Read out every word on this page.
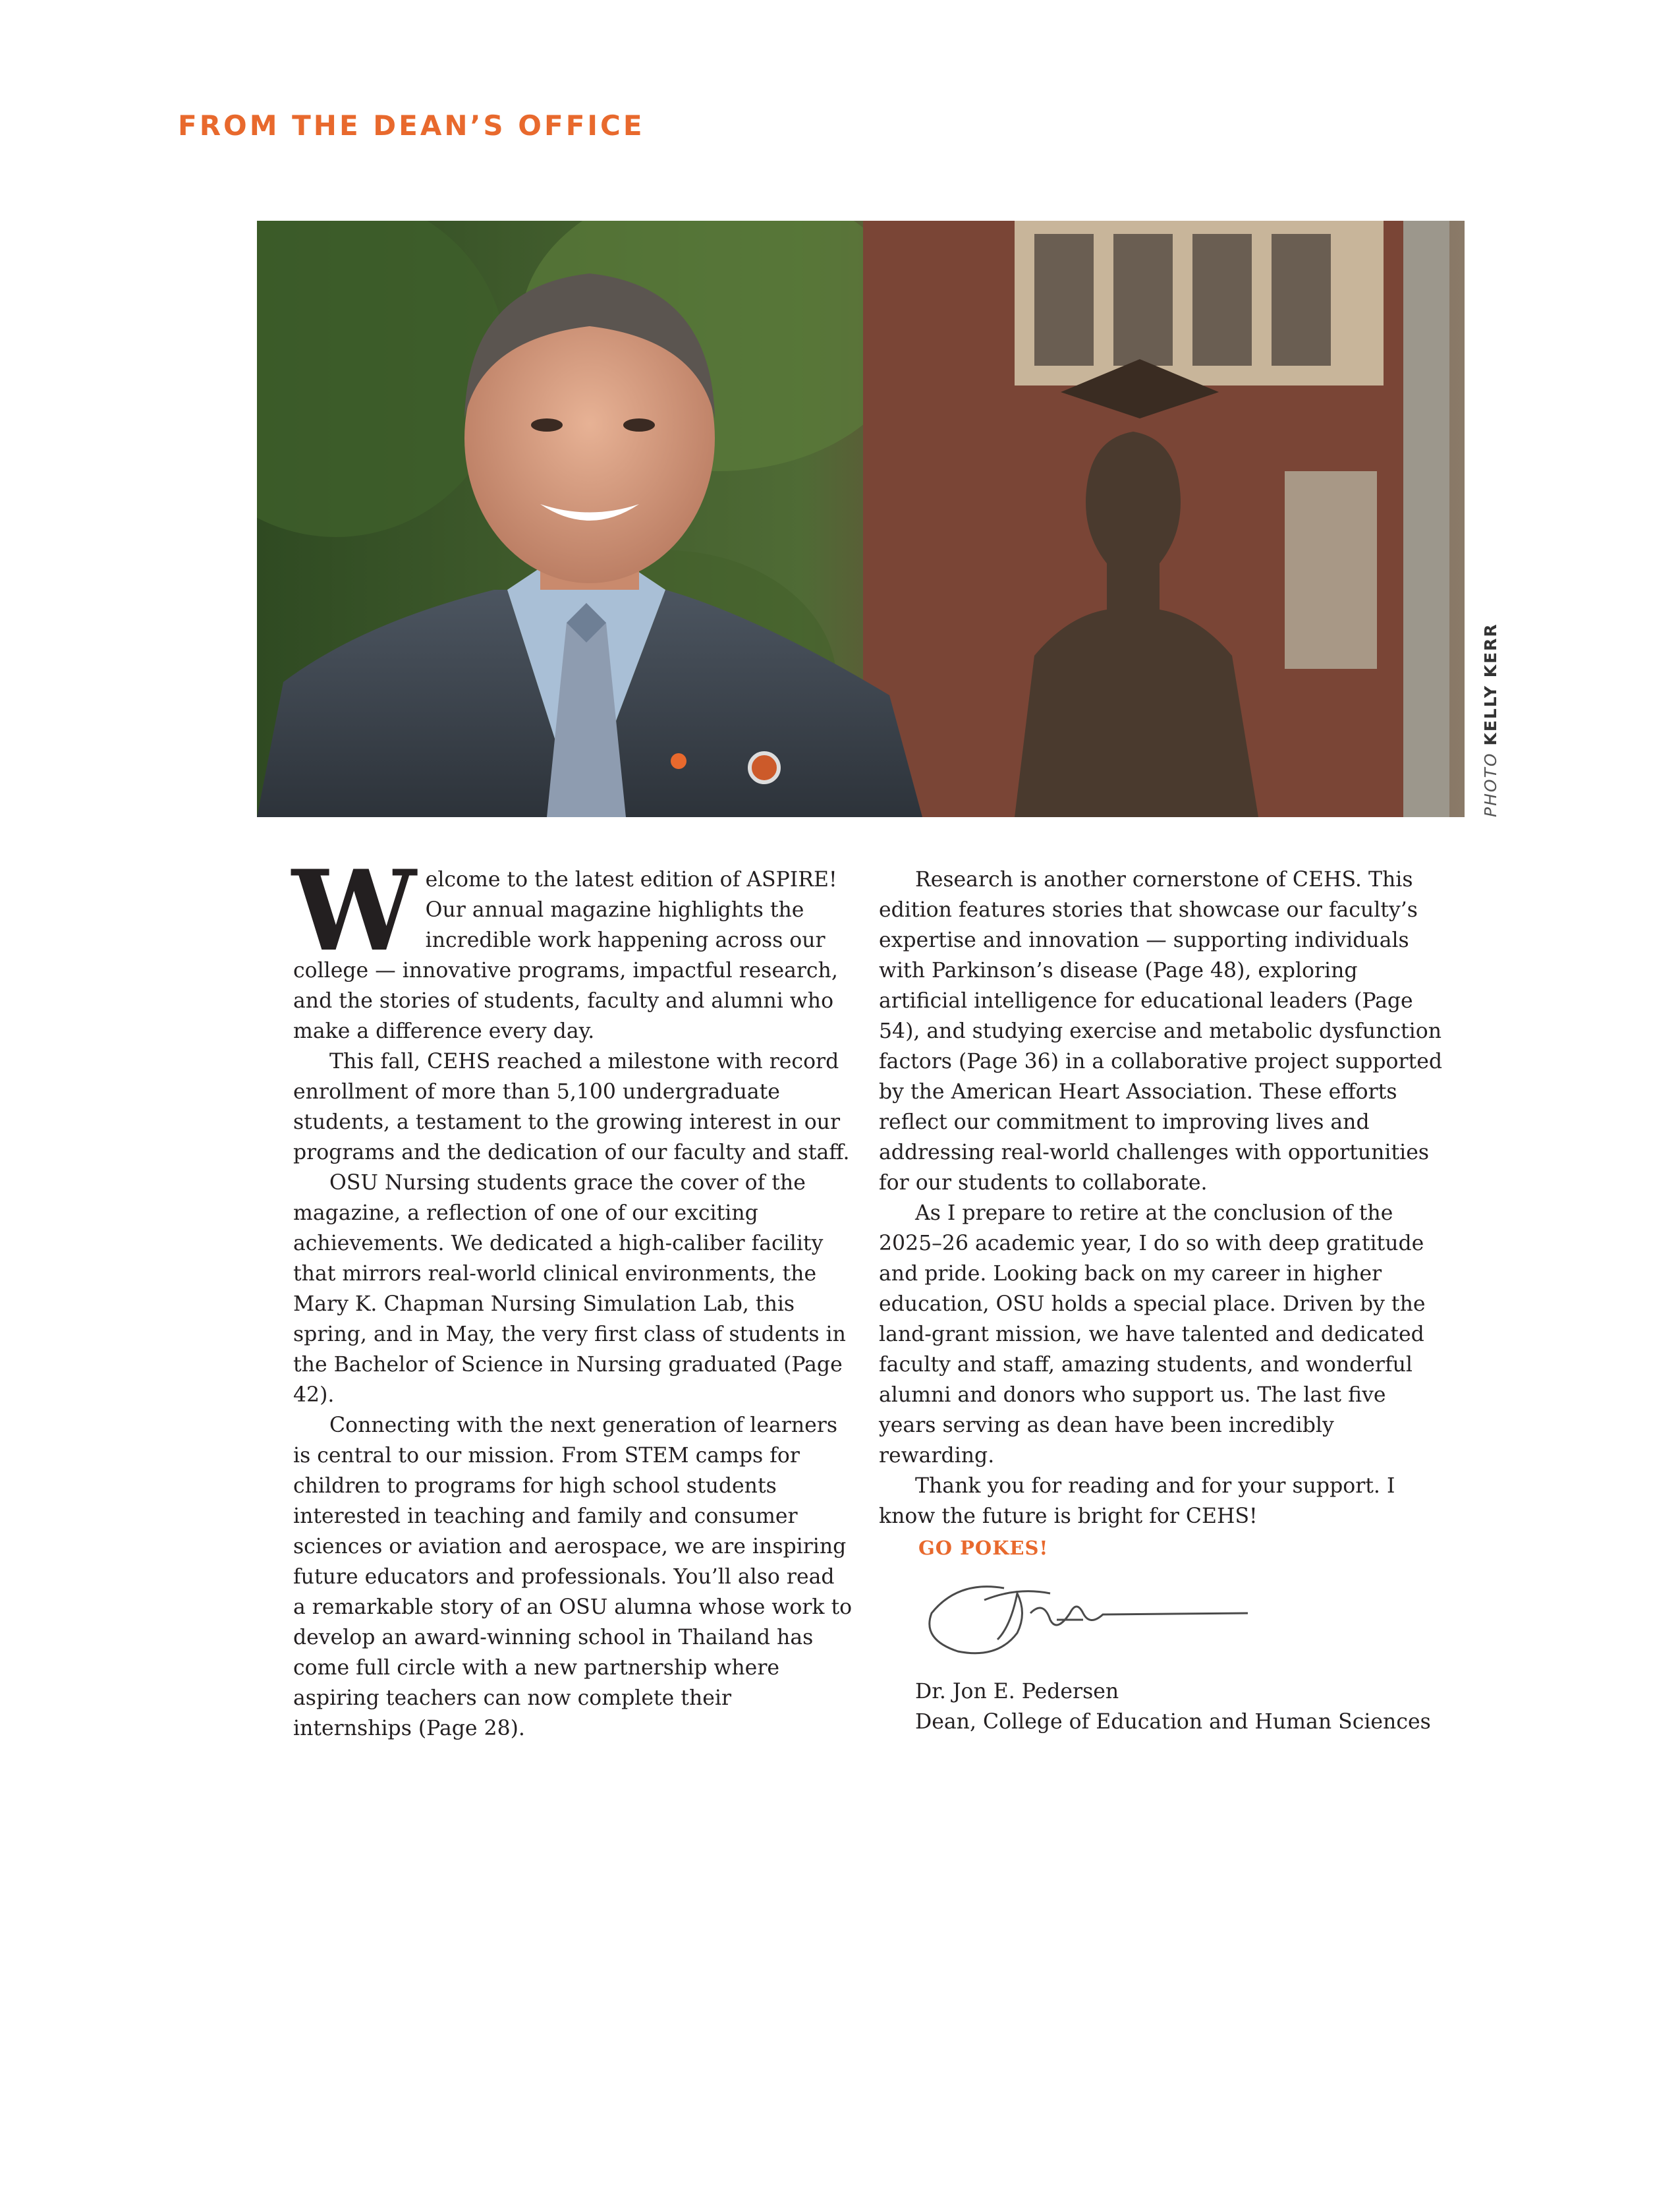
FROM THE DEAN’S OFFICE
PHOTO KELLY KERR

Welcome to the latest edition of ASPIRE! Our annual magazine highlights the incredible work happening across our college — innovative programs, impactful research, and the stories of students, faculty and alumni who make a difference every day.

This fall, CEHS reached a milestone with record enrollment of more than 5,100 undergraduate students, a testament to the growing interest in our programs and the dedication of our faculty and staff.

OSU Nursing students grace the cover of the magazine, a reflection of one of our exciting achievements. We dedicated a high-caliber facility that mirrors real-world clinical environments, the Mary K. Chapman Nursing Simulation Lab, this spring, and in May, the very first class of students in the Bachelor of Science in Nursing graduated (Page 42).

Connecting with the next generation of learners is central to our mission. From STEM camps for children to programs for high school students interested in teaching and family and consumer sciences or aviation and aerospace, we are inspiring future educators and professionals. You’ll also read a remarkable story of an OSU alumna whose work to develop an award-winning school in Thailand has come full circle with a new partnership where aspiring teachers can now complete their internships (Page 28).

Research is another cornerstone of CEHS. This edition features stories that showcase our faculty’s expertise and innovation — supporting individuals with Parkinson’s disease (Page 48), exploring artificial intelligence for educational leaders (Page 54), and studying exercise and metabolic dysfunction factors (Page 36) in a collaborative project supported by the American Heart Association. These efforts reflect our commitment to improving lives and addressing real-world challenges with opportunities for our students to collaborate.

As I prepare to retire at the conclusion of the 2025–26 academic year, I do so with deep gratitude and pride. Looking back on my career in higher education, OSU holds a special place. Driven by the land-grant mission, we have talented and dedicated faculty and staff, amazing students, and wonderful alumni and donors who support us. The last five years serving as dean have been incredibly rewarding.

Thank you for reading and for your support. I know the future is bright for CEHS!

GO POKES!
Dr. Jon E. Pedersen
Dean, College of Education and Human Sciences
